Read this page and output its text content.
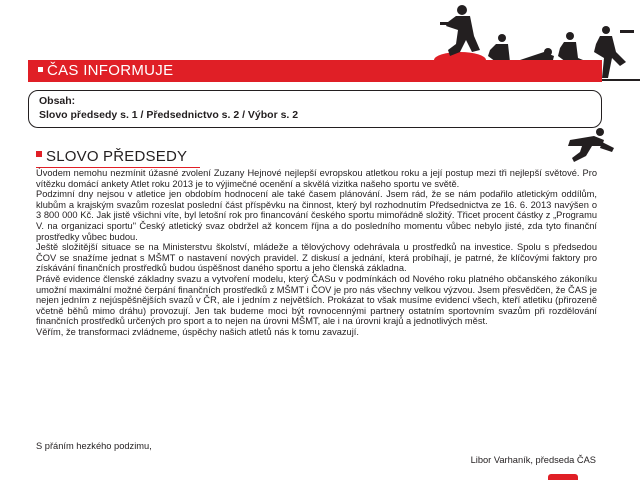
ČAS INFORMUJE
Obsah:
Slovo předsedy s. 1 / Předsednictvo s. 2 / Výbor s. 2
SLOVO PŘEDSEDY

Úvodem nemohu nezmínit úžasné zvolení Zuzany Hejnové nejlepší evropskou atletkou roku a její postup mezi tři nejlepší světové. Pro vítězku domácí ankety Atlet roku 2013 je to výjimečné ocenění a skvělá vizitka našeho sportu ve světě.

Podzimní dny nejsou v atletice jen obdobím hodnocení ale také časem plánování. Jsem rád, že se nám podařilo atletickým oddílům, klubům a krajským svazům rozeslat poslední část příspěvku na činnost, který byl rozhodnutím Předsednictva ze 16. 6. 2013 navýšen o 3 800 000 Kč. Jak jistě všichni víte, byl letošní rok pro financování českého sportu mimořádně složitý. Třicet procent částky z „Programu V. na organizaci sportu" Český atletický svaz obdržel až koncem října a do posledního momentu vůbec nebylo jisté, zda tyto finanční prostředky vůbec budou.

Ještě složitější situace se na Ministerstvu školství, mládeže a tělovýchovy odehrávala u prostředků na investice. Spolu s předsedou ČOV se snažíme jednat s MŠMT o nastavení nových pravidel. Z diskusí a jednání, která probíhají, je patrné, že klíčovými faktory pro získávání finančních prostředků budou úspěšnost daného sportu a jeho členská základna.

Právě evidence členské základny svazu a vytvoření modelu, který ČASu v podmínkách od Nového roku platného občanského zákoníku umožní maximální možné čerpání finančních prostředků z MŠMT i ČOV je pro nás všechny velkou výzvou. Jsem přesvědčen, že ČAS je nejen jedním z nejúspěšnějších svazů v ČR, ale i jedním z největších. Prokázat to však musíme evidencí všech, kteří atletiku (přirozeně včetně běhů mimo dráhu) provozují. Jen tak budeme moci být rovnocennými partnery ostatním sportovním svazům při rozdělování finančních prostředků určených pro sport a to nejen na úrovni MŠMT, ale i na úrovni krajů a jednotlivých měst.

Věřím, že transformaci zvládneme, úspěchy našich atletů nás k tomu zavazují.

S přáním hezkého podzimu,
Libor Varhaník, předseda ČAS
